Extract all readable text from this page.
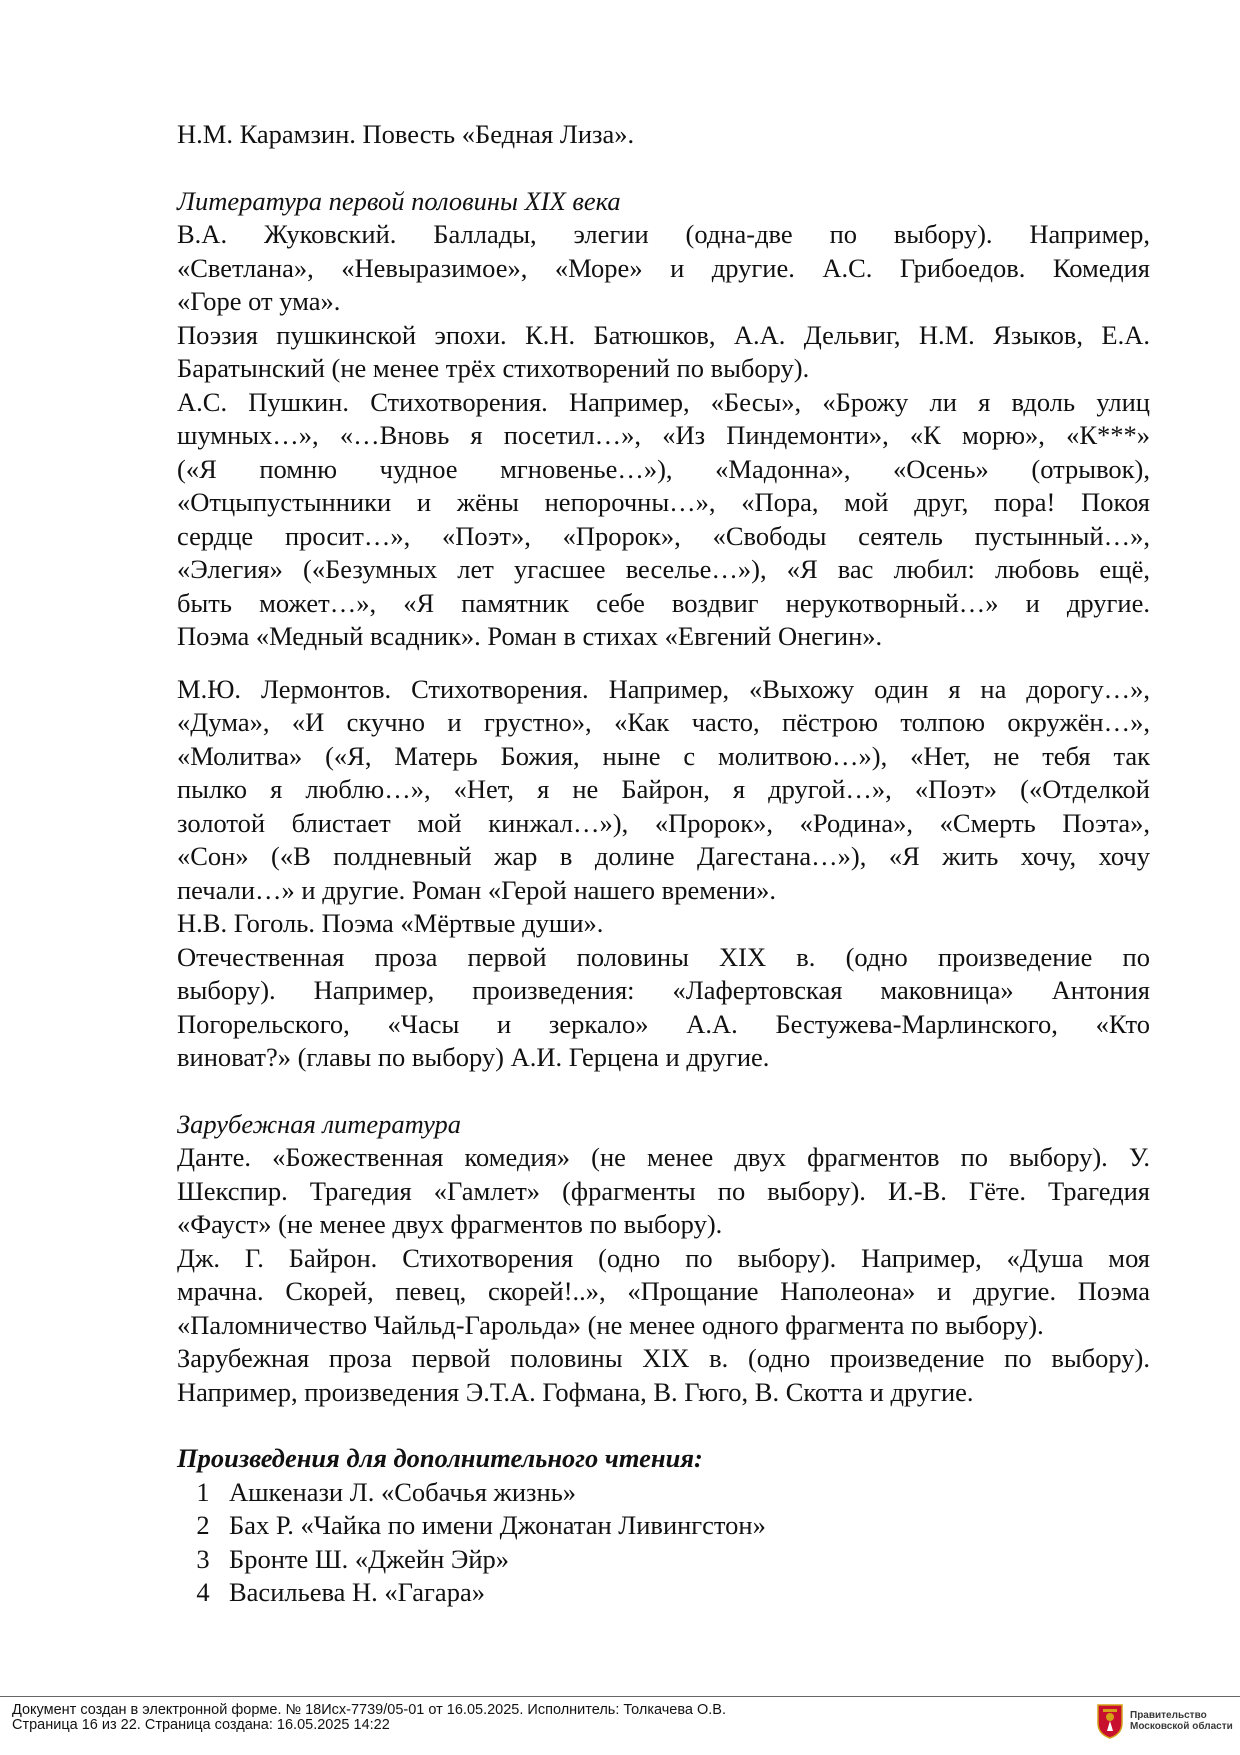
Н.М. Карамзин. Повесть «Бедная Лиза».
Литература первой половины XIX века
В.А. Жуковский. Баллады, элегии (одна-две по выбору). Например,
«Светлана», «Невыразимое», «Море» и другие. А.С. Грибоедов. Комедия
«Горе от ума».
Поэзия пушкинской эпохи. К.Н. Батюшков, А.А. Дельвиг, Н.М. Языков, Е.А.
Баратынский (не менее трёх стихотворений по выбору).
А.С. Пушкин. Стихотворения. Например, «Бесы», «Брожу ли я вдоль улиц
шумных…», «…Вновь я посетил…», «Из Пиндемонти», «К морю», «К***»
(«Я помню чудное мгновенье…»), «Мадонна», «Осень» (отрывок),
«Отцыпустынники и жёны непорочны…», «Пора, мой друг, пора! Покоя
сердце просит…», «Поэт», «Пророк», «Свободы сеятель пустынный…»,
«Элегия» («Безумных лет угасшее веселье…»), «Я вас любил: любовь ещё,
быть может…», «Я памятник себе воздвиг нерукотворный…» и другие.
Поэма «Медный всадник». Роман в стихах «Евгений Онегин».
М.Ю. Лермонтов. Стихотворения. Например, «Выхожу один я на дорогу…»,
«Дума», «И скучно и грустно», «Как часто, пёстрою толпою окружён…»,
«Молитва» («Я, Матерь Божия, ныне с молитвою…»), «Нет, не тебя так
пылко я люблю…», «Нет, я не Байрон, я другой…», «Поэт» («Отделкой
золотой блистает мой кинжал…»), «Пророк», «Родина», «Смерть Поэта»,
«Сон» («В полдневный жар в долине Дагестана…»), «Я жить хочу, хочу
печали…» и другие. Роман «Герой нашего времени».
Н.В. Гоголь. Поэма «Мёртвые души».
Отечественная проза первой половины XIX в. (одно произведение по
выбору). Например, произведения: «Лафертовская маковница» Антония
Погорельского, «Часы и зеркало» А.А. Бестужева-Марлинского, «Кто
виноват?» (главы по выбору) А.И. Герцена и другие.
Зарубежная литература
Данте. «Божественная комедия» (не менее двух фрагментов по выбору). У.
Шекспир. Трагедия «Гамлет» (фрагменты по выбору). И.-В. Гёте. Трагедия
«Фауст» (не менее двух фрагментов по выбору).
Дж. Г. Байрон. Стихотворения (одно по выбору). Например, «Душа моя
мрачна. Скорей, певец, скорей!..», «Прощание Наполеона» и другие. Поэма
«Паломничество Чайльд-Гарольда» (не менее одного фрагмента по выбору).
Зарубежная проза первой половины XIX в. (одно произведение по выбору).
Например, произведения Э.Т.А. Гофмана, В. Гюго, В. Скотта и другие.
Произведения для дополнительного чтения:
1 Ашкенази Л. «Собачья жизнь»
2 Бах Р. «Чайка по имени Джонатан Ливингстон»
3 Бронте Ш. «Джейн Эйр»
4 Васильева Н. «Гагара»
Документ создан в электронной форме. № 18Исх-7739/05-01 от 16.05.2025. Исполнитель: Толкачева О.В.
Страница 16 из 22. Страница создана: 16.05.2025 14:22
Правительство
Московской области
